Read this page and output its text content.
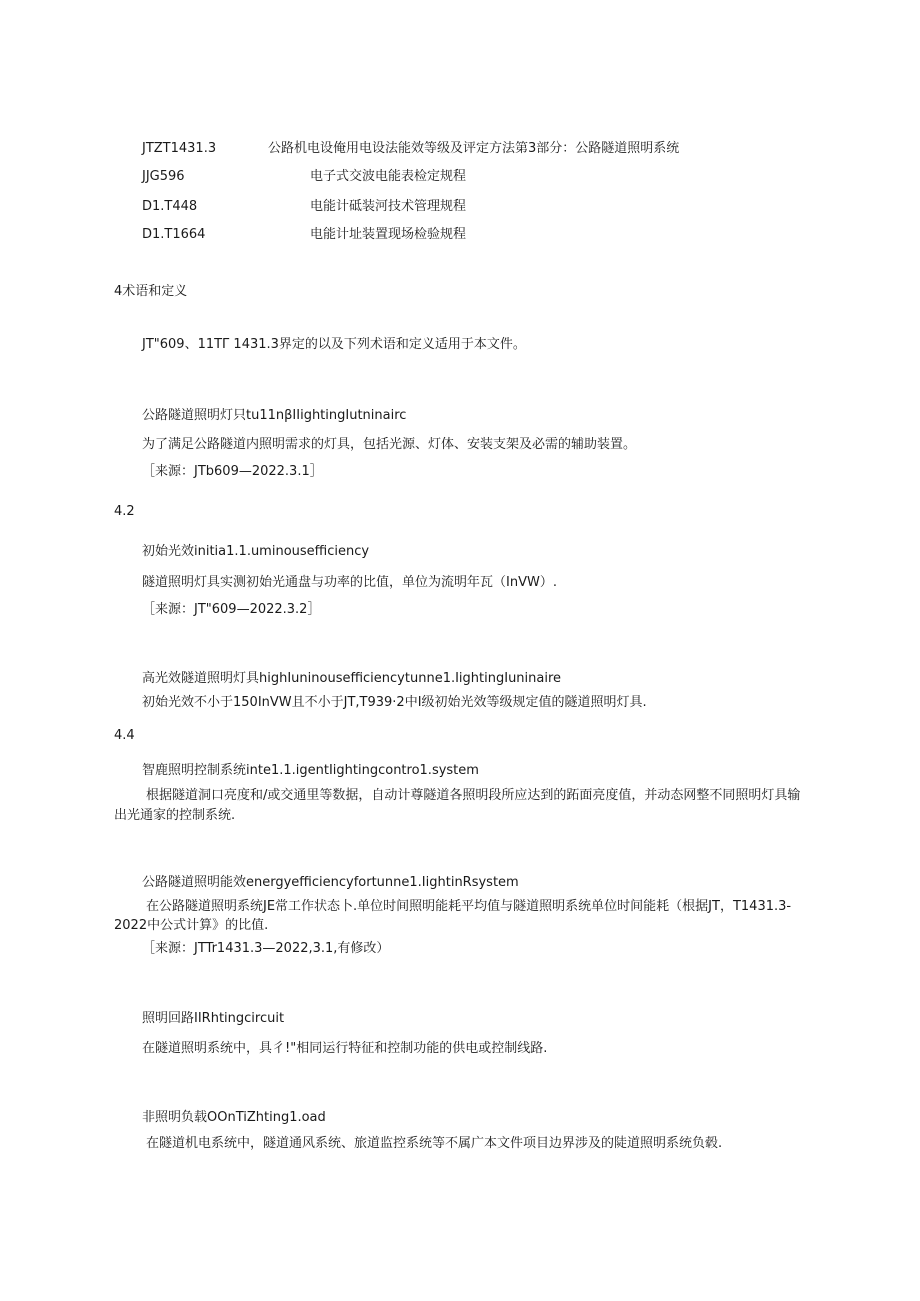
JTZT1431.3	公路机电设俺用电设法能效等级及评定方法第3部分：公路隧道照明系统
JJG596	电子式交波电能表检定规程
D1.T448	电能计砥装河技术管理规程
D1.T1664	电能计址装置现场检验规程
4术语和定义
JT"609、11TΓ 1431.3界定的以及下列术语和定义适用于本文件。
公路隧道照明灯只tu11nβIIightingIutninairc
为了满足公路隧道内照明需求的灯具，包括光源、灯体、安装支架及必需的辅助装置。
［来源：JTb609—2022.3.1］
4.2
初始光效initia1.1.uminousefficiency
隧道照明灯具实测初始光通盘与功率的比值，单位为流明年瓦（InVW）.
［来源：JT"609—2022.3.2］
高光效隧道照明灯具highIuninousefficiencytunne1.IightingIuninaire
初始光效不小于150InVW且不小于JT,T939·2中I级初始光效等级规定值的隧道照明灯具.
4.4
智鹿照明控制系统inte1.1.igentIightingcontro1.system
根据隧道洞口亮度和/或交通里等数据，自动计尊隧道各照明段所应达到的跖面亮度值，并动态网整不同照明灯具输
出光通家的控制系统.
公路隧道照明能效energyefficiencyfortunne1.IightinRsystem
在公路隧道照明系统JE常工作状态卜.单位时间照明能耗平均值与隧道照明系统单位时间能耗（根据JT，T1431.3-
2022中公式计算》的比值.
［来源：JTTr1431.3—2022,3.1,有修改）
照明回路IIRhtingcircuit
在隧道照明系统中，具彳!"相同运行特征和控制功能的供电或控制线路.
非照明负载OOnTiZhting1.oad
在隧道机电系统中，隧道通风系统、旅道监控系统等不属广本文件项目边界涉及的陡道照明系统负毂.
